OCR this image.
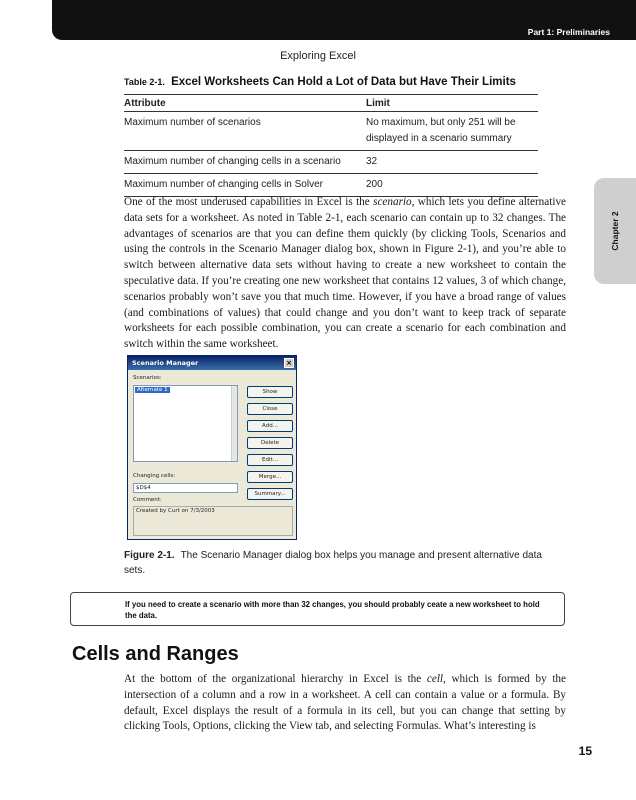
Part 1: Preliminaries
Chapter 2
Exploring Excel
Table 2-1. Excel Worksheets Can Hold a Lot of Data but Have Their Limits
Attribute	Limit
Maximum number of scenarios	No maximum, but only 251 will be displayed in a scenario summary
Maximum number of changing cells in a scenario	32
Maximum number of changing cells in Solver	200

One of the most underused capabilities in Excel is the scenario, which lets you define alternative data sets for a worksheet. As noted in Table 2-1, each scenario can contain up to 32 changes. The advantages of scenarios are that you can define them quickly (by clicking Tools, Scenarios and using the controls in the Scenario Manager dialog box, shown in Figure 2-1), and you’re able to switch between alternative data sets without having to create a new worksheet to contain the speculative data. If you’re creating one new worksheet that contains 12 values, 3 of which change, scenarios probably won’t save you that much time. However, if you have a broad range of values (and combinations of values) that could change and you don’t want to keep track of separate worksheets for each possible combination, you can create a scenario for each combination and switch within the same worksheet.

Scenario Manager	×
Scenarios:
Alternate 1	Show
Close
Add...
Delete
Edit...
Merge...
Summary...
Changing cells:
$D$4
Comment:
Created by Curt on 7/3/2003

Figure 2-1. The Scenario Manager dialog box helps you manage and present alternative data sets.

If you need to create a scenario with more than 32 changes, you should probably ceate a new worksheet to hold the data.

Cells and Ranges

At the bottom of the organizational hierarchy in Excel is the cell, which is formed by the intersection of a column and a row in a worksheet. A cell can contain a value or a formula. By default, Excel displays the result of a formula in its cell, but you can change that setting by clicking Tools, Options, clicking the View tab, and selecting Formulas. What’s interesting is

15
